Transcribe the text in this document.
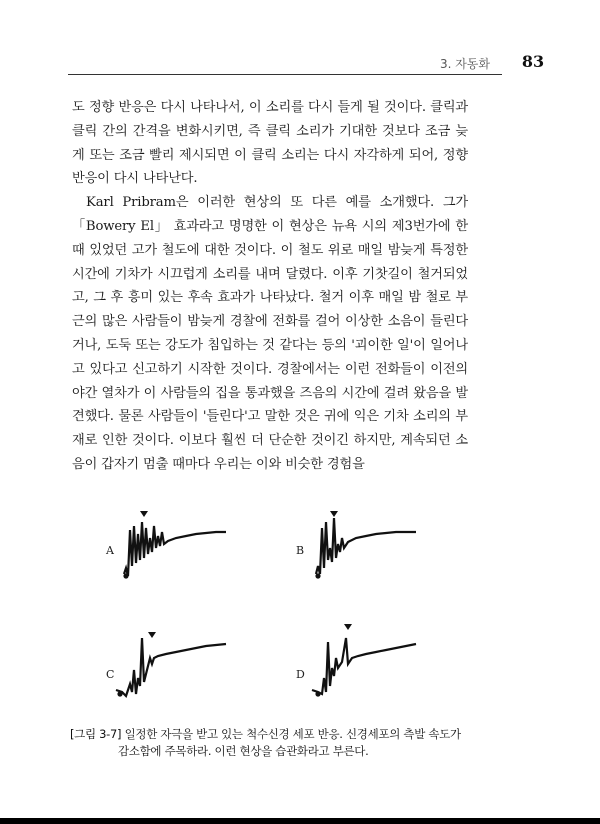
3. 자동화	83

도 정향 반응은 다시 나타나서, 이 소리를 다시 들게 될 것이다. 클릭과 클릭 간의 간격을 변화시키면, 즉 클릭 소리가 기대한 것보다 조금 늦게 또는 조금 빨리 제시되면 이 클릭 소리는 다시 자각하게 되어, 정향반응이 다시 나타난다.

Karl Pribram은 이러한 현상의 또 다른 예를 소개했다. 그가 「Bowery El」 효과라고 명명한 이 현상은 뉴욕 시의 제3번가에 한때 있었던 고가 철도에 대한 것이다. 이 철도 위로 매일 밤늦게 특정한 시간에 기차가 시끄럽게 소리를 내며 달렸다. 이후 기찻길이 철거되었고, 그 후 흥미 있는 후속 효과가 나타났다. 철거 이후 매일 밤 철로 부근의 많은 사람들이 밤늦게 경찰에 전화를 걸어 이상한 소음이 들린다거나, 도둑 또는 강도가 침입하는 것 같다는 등의 '괴이한 일'이 일어나고 있다고 신고하기 시작한 것이다. 경찰에서는 이런 전화들이 이전의 야간 열차가 이 사람들의 집을 통과했을 즈음의 시간에 걸려 왔음을 발견했다. 물론 사람들이 '들린다'고 말한 것은 귀에 익은 기차 소리의 부재로 인한 것이다. 이보다 훨씬 더 단순한 것이긴 하지만, 계속되던 소음이 갑자기 멈출 때마다 우리는 이와 비슷한 경험을

A	B
C	D
[그림 3-7] 일정한 자극을 받고 있는 척수신경 세포 반응. 신경세포의 측발 속도가
감소함에 주목하라. 이런 현상을 습관화라고 부른다.
